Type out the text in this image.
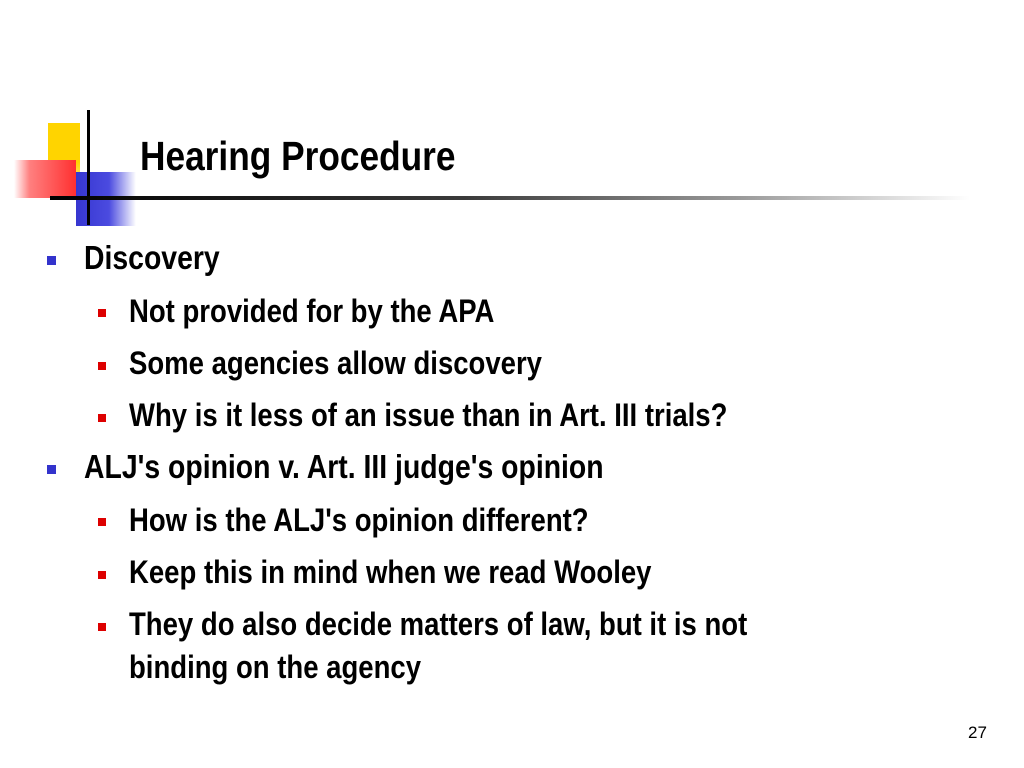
Hearing Procedure
Discovery
Not provided for by the APA
Some agencies allow discovery
Why is it less of an issue than in Art. III trials?
ALJ's opinion v. Art. III judge's opinion
How is the ALJ's opinion different?
Keep this in mind when we read Wooley
They do also decide matters of law, but it is not
binding on the agency
27
